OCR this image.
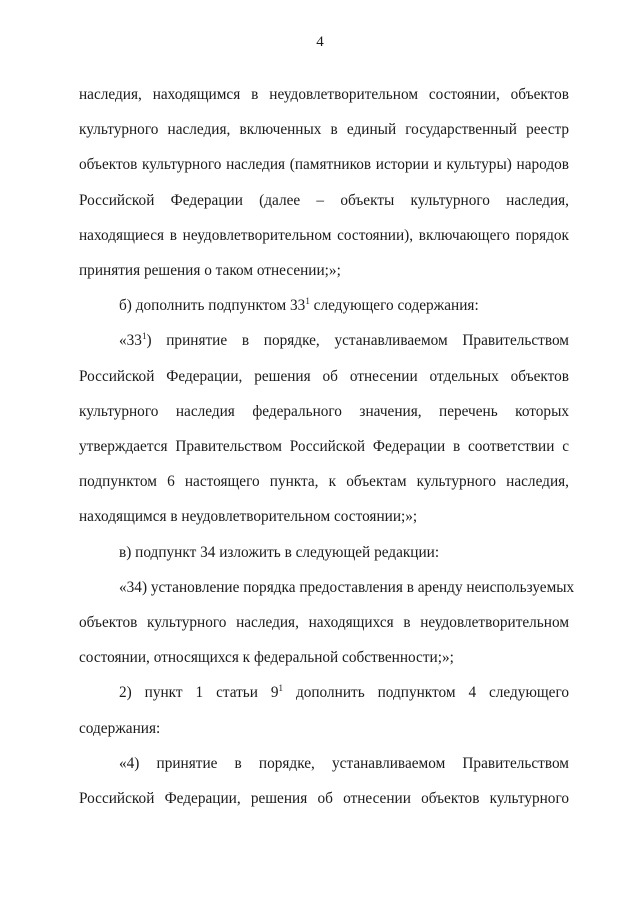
4
наследия, находящимся в неудовлетворительном состоянии, объектов
культурного наследия, включенных в единый государственный реестр
объектов культурного наследия (памятников истории и культуры) народов
Российской Федерации (далее – объекты культурного наследия,
находящиеся в неудовлетворительном состоянии), включающего порядок
принятия решения о таком отнесении;»;
б) дополнить подпунктом $33^1$ следующего содержания:
«$33^1$) принятие в порядке, устанавливаемом Правительством
Российской Федерации, решения об отнесении отдельных объектов
культурного наследия федерального значения, перечень которых
утверждается Правительством Российской Федерации в соответствии с
подпунктом 6 настоящего пункта, к объектам культурного наследия,
находящимся в неудовлетворительном состоянии;»;
в) подпункт 34 изложить в следующей редакции:
«34) установление порядка предоставления в аренду неиспользуемых
объектов культурного наследия, находящихся в неудовлетворительном
состоянии, относящихся к федеральной собственности;»;
2) пункт 1 статьи $9^1$ дополнить подпунктом 4 следующего
содержания:
«4) принятие в порядке, устанавливаемом Правительством
Российской Федерации, решения об отнесении объектов культурного
